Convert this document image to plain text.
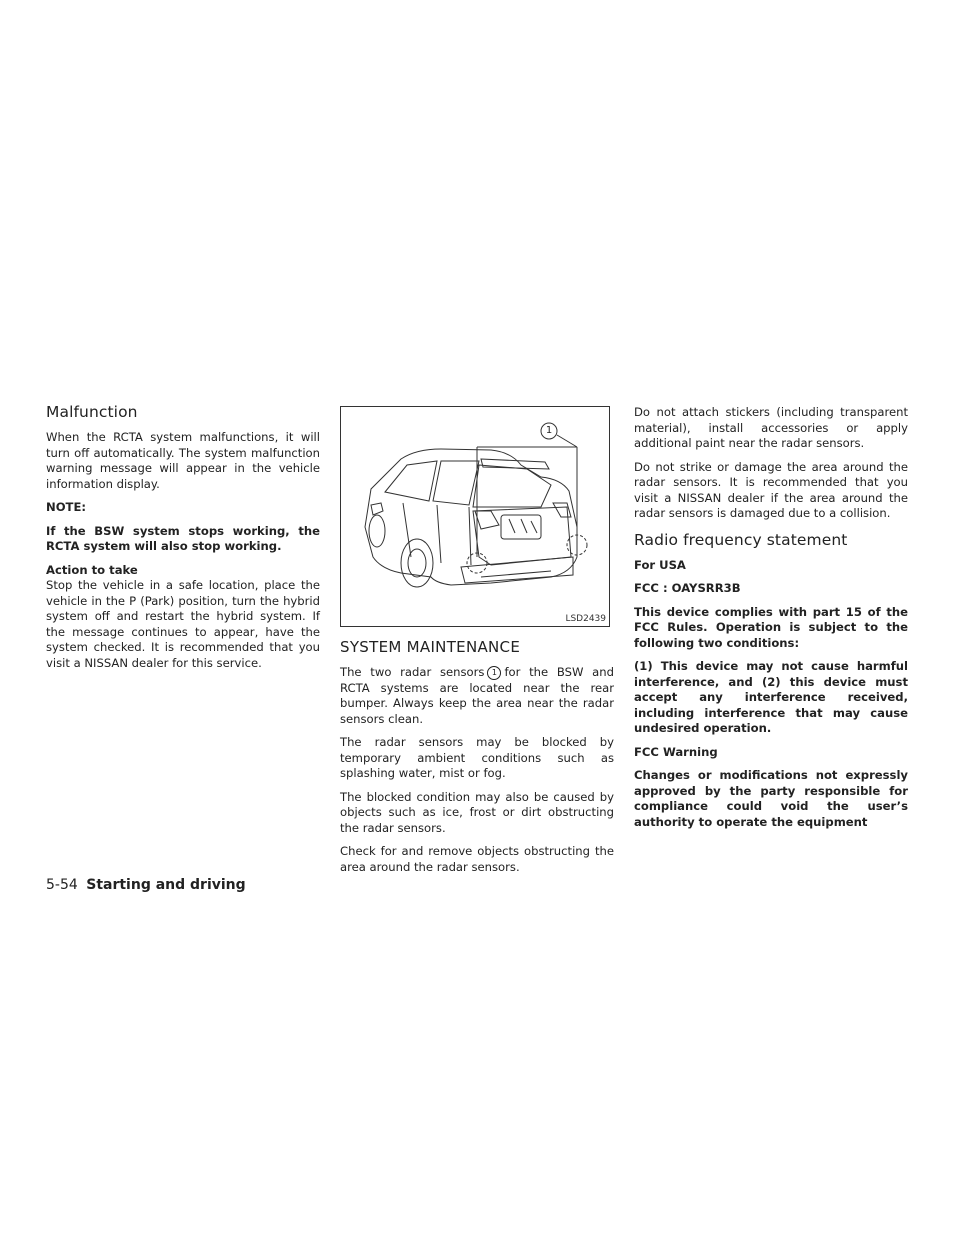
Malfunction

When the RCTA system malfunctions, it will turn off automatically. The system malfunction warning message will appear in the vehicle information display.

NOTE:

If the BSW system stops working, the RCTA system will also stop working.

Action to take

Stop the vehicle in a safe location, place the vehicle in the P (Park) position, turn the hybrid system off and restart the hybrid system. If the message continues to appear, have the system checked. It is recommended that you visit a NISSAN dealer for this service.

1
LSD2439
SYSTEM MAINTENANCE

The two radar sensors 1 for the BSW and RCTA systems are located near the rear bumper. Always keep the area near the radar sensors clean.

The radar sensors may be blocked by temporary ambient conditions such as splashing water, mist or fog.

The blocked condition may also be caused by objects such as ice, frost or dirt obstructing the radar sensors.

Check for and remove objects obstructing the area around the radar sensors.

Do not attach stickers (including transparent material), install accessories or apply additional paint near the radar sensors.

Do not strike or damage the area around the radar sensors. It is recommended that you visit a NISSAN dealer if the area around the radar sensors is damaged due to a collision.

Radio frequency statement

For USA

FCC : OAYSRR3B

This device complies with part 15 of the FCC Rules. Operation is subject to the following two conditions:

(1) This device may not cause harmful interference, and (2) this device must accept any interference received, including interference that may cause undesired operation.

FCC Warning

Changes or modifications not expressly approved by the party responsible for compliance could void the user’s authority to operate the equipment

5-54 Starting and driving
